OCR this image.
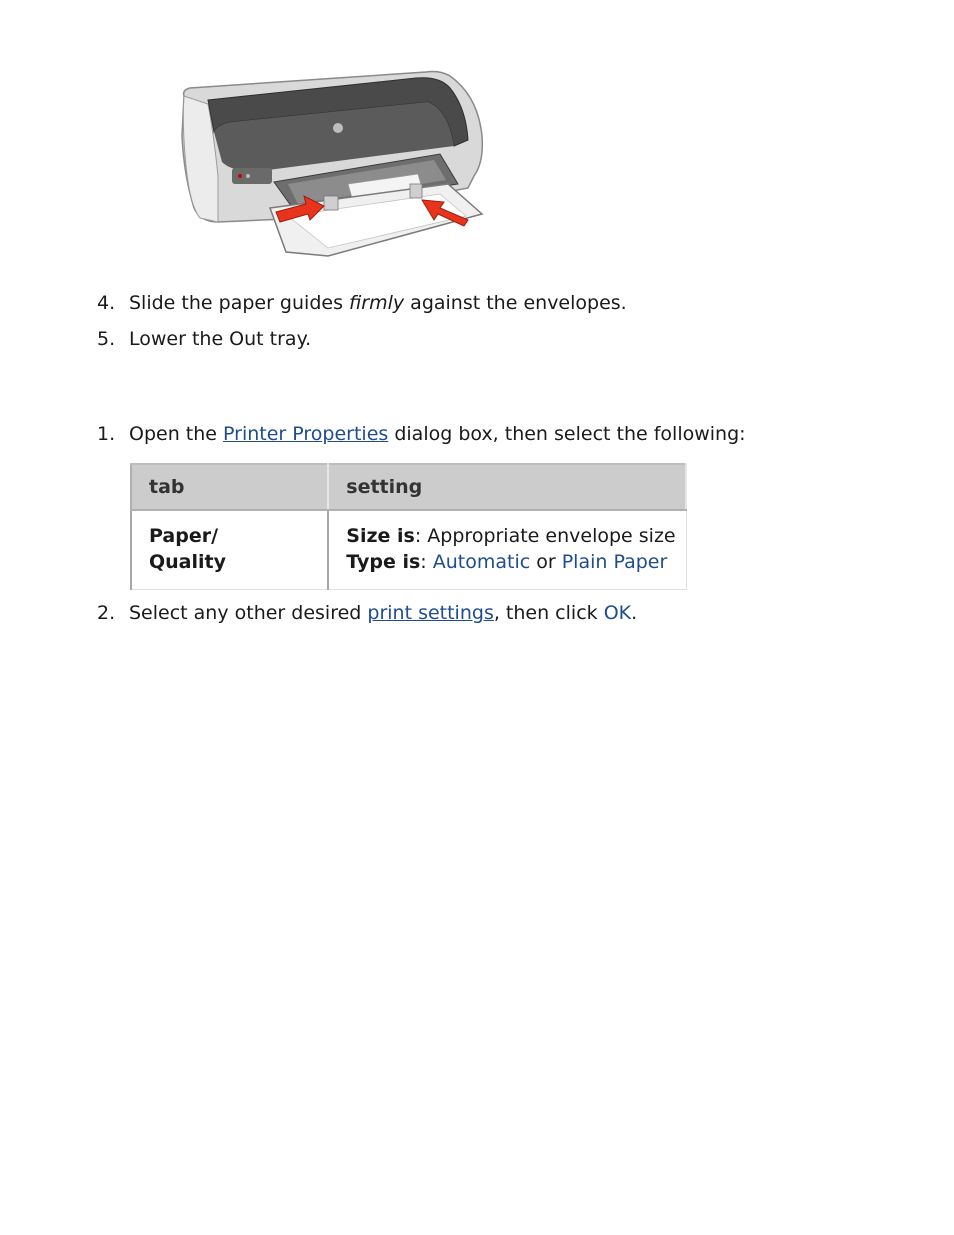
4. Slide the paper guides firmly against the envelopes.
5. Lower the Out tray.
1. Open the Printer Properties dialog box, then select the following:
tab	setting
Paper/
Quality	Size is: Appropriate envelope size
Type is: Automatic or Plain Paper
2. Select any other desired print settings, then click OK.
